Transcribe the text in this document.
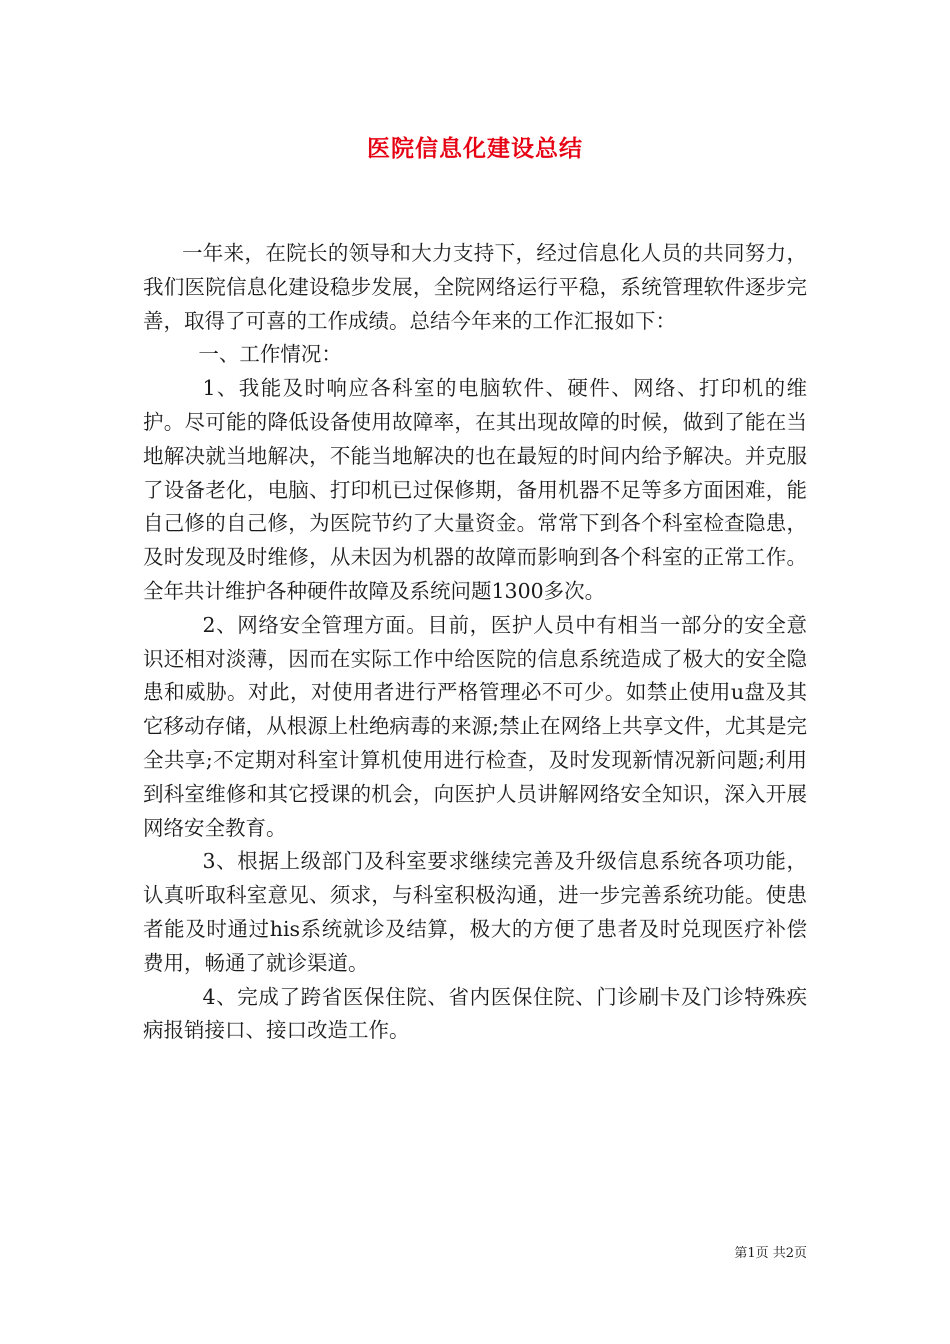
医院信息化建设总结

一年来，在院长的领导和大力支持下，经过信息化人员的共同努力，我们医院信息化建设稳步发展，全院网络运行平稳，系统管理软件逐步完善，取得了可喜的工作成绩。总结今年来的工作汇报如下：

一、工作情况：

1、我能及时响应各科室的电脑软件、硬件、网络、打印机的维护。尽可能的降低设备使用故障率，在其出现故障的时候，做到了能在当地解决就当地解决，不能当地解决的也在最短的时间内给予解决。并克服了设备老化，电脑、打印机已过保修期，备用机器不足等多方面困难，能自己修的自己修，为医院节约了大量资金。常常下到各个科室检查隐患，及时发现及时维修，从未因为机器的故障而影响到各个科室的正常工作。全年共计维护各种硬件故障及系统问题1300多次。

2、网络安全管理方面。目前，医护人员中有相当一部分的安全意识还相对淡薄，因而在实际工作中给医院的信息系统造成了极大的安全隐患和威胁。对此，对使用者进行严格管理必不可少。如禁止使用u盘及其它移动存储，从根源上杜绝病毒的来源;禁止在网络上共享文件，尤其是完全共享;不定期对科室计算机使用进行检查，及时发现新情况新问题;利用到科室维修和其它授课的机会，向医护人员讲解网络安全知识，深入开展网络安全教育。

3、根据上级部门及科室要求继续完善及升级信息系统各项功能，认真听取科室意见、须求，与科室积极沟通，进一步完善系统功能。使患者能及时通过his系统就诊及结算，极大的方便了患者及时兑现医疗补偿费用，畅通了就诊渠道。

4、完成了跨省医保住院、省内医保住院、门诊刷卡及门诊特殊疾病报销接口、接口改造工作。

第1页 共2页
